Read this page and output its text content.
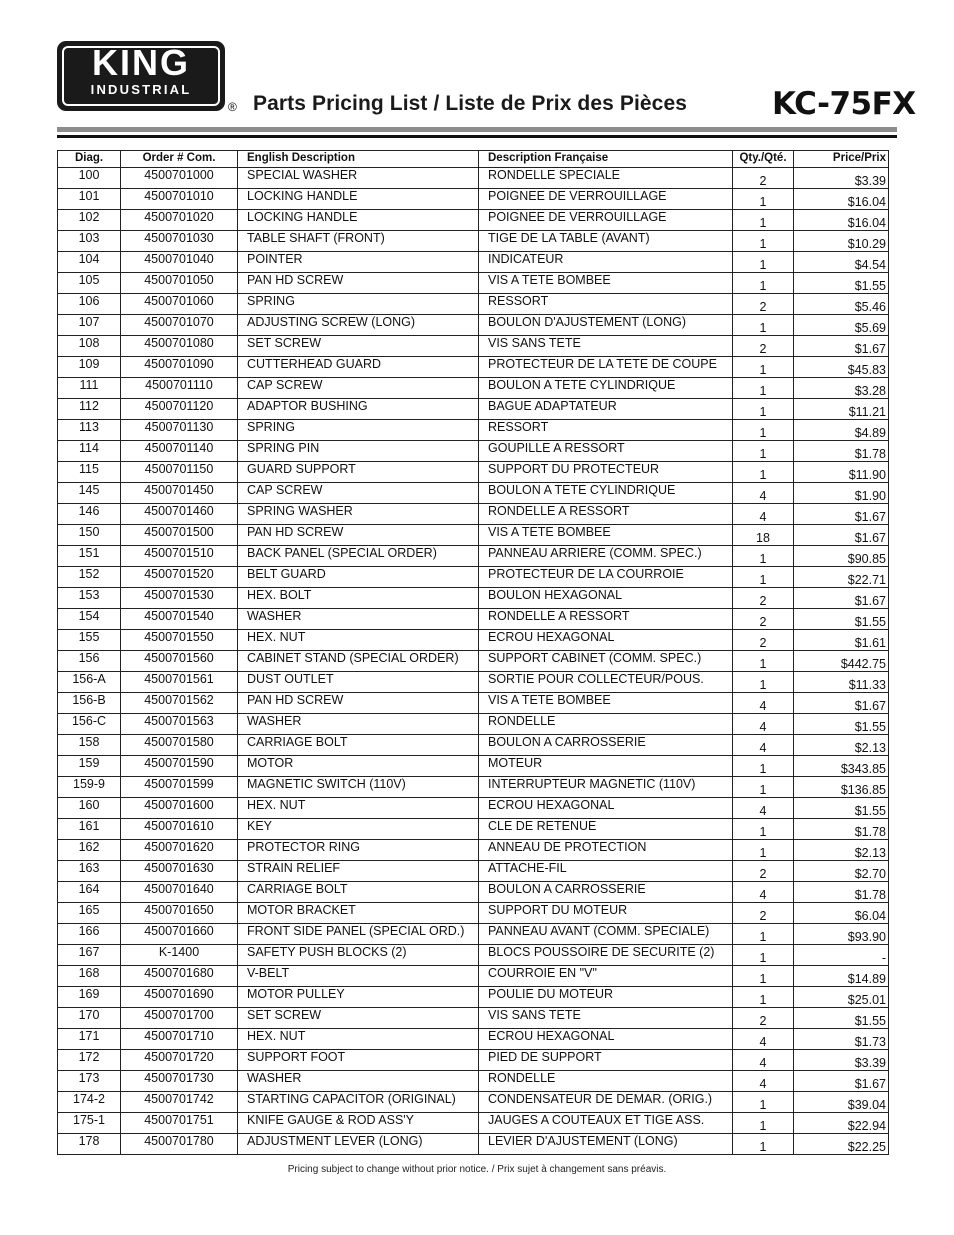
KING
INDUSTRIAL
® Parts Pricing List / Liste de Prix des Pièces	KC-75FX
Diag.	Order # Com.	English Description	Description Française	Qty./Qté.	Price/Prix
100	4500701000	SPECIAL WASHER	RONDELLE SPECIALE	2	$3.39
101	4500701010	LOCKING HANDLE	POIGNEE DE VERROUILLAGE	1	$16.04
102	4500701020	LOCKING HANDLE	POIGNEE DE VERROUILLAGE	1	$16.04
103	4500701030	TABLE SHAFT (FRONT)	TIGE DE LA TABLE (AVANT)	1	$10.29
104	4500701040	POINTER	INDICATEUR	1	$4.54
105	4500701050	PAN HD SCREW	VIS A TETE BOMBEE	1	$1.55
106	4500701060	SPRING	RESSORT	2	$5.46
107	4500701070	ADJUSTING SCREW (LONG)	BOULON D'AJUSTEMENT (LONG)	1	$5.69
108	4500701080	SET SCREW	VIS SANS TETE	2	$1.67
109	4500701090	CUTTERHEAD GUARD	PROTECTEUR DE LA TETE DE COUPE	1	$45.83
111	4500701110	CAP SCREW	BOULON A TETE CYLINDRIQUE	1	$3.28
112	4500701120	ADAPTOR BUSHING	BAGUE ADAPTATEUR	1	$11.21
113	4500701130	SPRING	RESSORT	1	$4.89
114	4500701140	SPRING PIN	GOUPILLE A RESSORT	1	$1.78
115	4500701150	GUARD SUPPORT	SUPPORT DU PROTECTEUR	1	$11.90
145	4500701450	CAP SCREW	BOULON A TETE CYLINDRIQUE	4	$1.90
146	4500701460	SPRING WASHER	RONDELLE A RESSORT	4	$1.67
150	4500701500	PAN HD SCREW	VIS A TETE BOMBEE	18	$1.67
151	4500701510	BACK PANEL (SPECIAL ORDER)	PANNEAU ARRIERE (COMM. SPEC.)	1	$90.85
152	4500701520	BELT GUARD	PROTECTEUR DE LA COURROIE	1	$22.71
153	4500701530	HEX. BOLT	BOULON HEXAGONAL	2	$1.67
154	4500701540	WASHER	RONDELLE A RESSORT	2	$1.55
155	4500701550	HEX. NUT	ECROU HEXAGONAL	2	$1.61
156	4500701560	CABINET STAND (SPECIAL ORDER)	SUPPORT CABINET (COMM. SPEC.)	1	$442.75
156-A	4500701561	DUST OUTLET	SORTIE POUR COLLECTEUR/POUS.	1	$11.33
156-B	4500701562	PAN HD SCREW	VIS A TETE BOMBEE	4	$1.67
156-C	4500701563	WASHER	RONDELLE	4	$1.55
158	4500701580	CARRIAGE BOLT	BOULON A CARROSSERIE	4	$2.13
159	4500701590	MOTOR	MOTEUR	1	$343.85
159-9	4500701599	MAGNETIC SWITCH (110V)	INTERRUPTEUR MAGNETIC (110V)	1	$136.85
160	4500701600	HEX. NUT	ECROU HEXAGONAL	4	$1.55
161	4500701610	KEY	CLE DE RETENUE	1	$1.78
162	4500701620	PROTECTOR RING	ANNEAU DE PROTECTION	1	$2.13
163	4500701630	STRAIN RELIEF	ATTACHE-FIL	2	$2.70
164	4500701640	CARRIAGE BOLT	BOULON A CARROSSERIE	4	$1.78
165	4500701650	MOTOR BRACKET	SUPPORT DU MOTEUR	2	$6.04
166	4500701660	FRONT SIDE PANEL (SPECIAL ORD.)	PANNEAU AVANT (COMM. SPECIALE)	1	$93.90
167	K-1400	SAFETY PUSH BLOCKS (2)	BLOCS POUSSOIRE DE SECURITE (2)	1	-
168	4500701680	V-BELT	COURROIE EN "V"	1	$14.89
169	4500701690	MOTOR PULLEY	POULIE DU MOTEUR	1	$25.01
170	4500701700	SET SCREW	VIS SANS TETE	2	$1.55
171	4500701710	HEX. NUT	ECROU HEXAGONAL	4	$1.73
172	4500701720	SUPPORT FOOT	PIED DE SUPPORT	4	$3.39
173	4500701730	WASHER	RONDELLE	4	$1.67
174-2	4500701742	STARTING CAPACITOR (ORIGINAL)	CONDENSATEUR DE DEMAR. (ORIG.)	1	$39.04
175-1	4500701751	KNIFE GAUGE & ROD ASS'Y	JAUGES A COUTEAUX ET TIGE ASS.	1	$22.94
178	4500701780	ADJUSTMENT LEVER (LONG)	LEVIER D'AJUSTEMENT (LONG)	1	$22.25
Pricing subject to change without prior notice. / Prix sujet à changement sans préavis.
